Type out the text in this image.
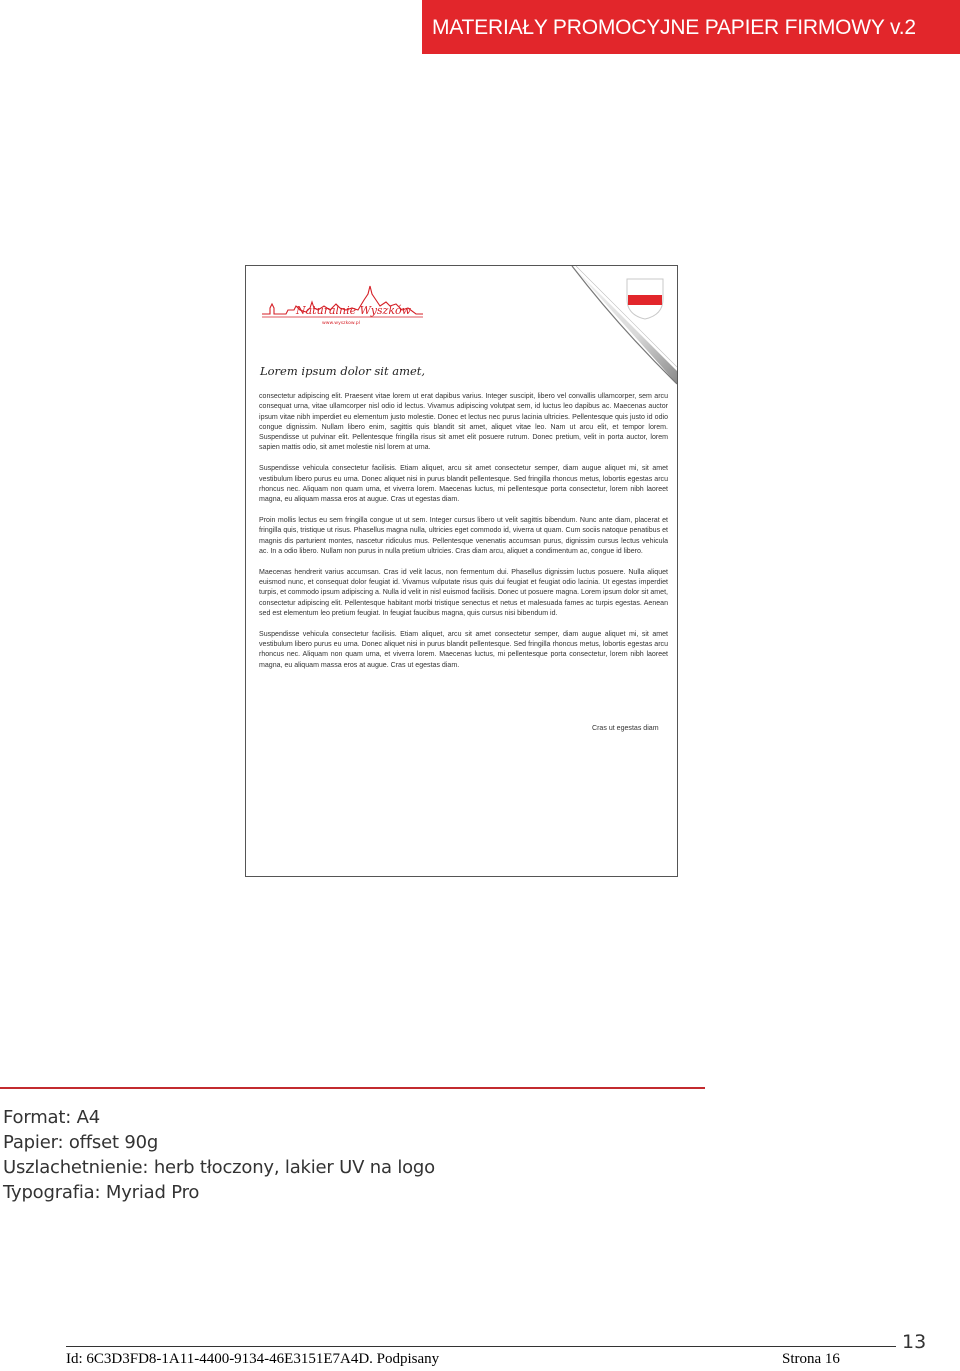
MATERIAŁY PROMOCYJNE PAPIER FIRMOWY v.2
Naturalnie Wyszków
www.wyszkow.pl
Lorem ipsum dolor sit amet,

consectetur adipiscing elit. Praesent vitae lorem ut erat dapibus varius. Integer suscipit, libero vel convallis ullamcorper, sem arcu consequat urna, vitae ullamcorper nisl odio id lectus. Vivamus adipiscing volutpat sem, id luctus leo dapibus ac. Maecenas auctor ipsum vitae nibh imperdiet eu elementum justo molestie. Donec et lectus nec purus lacinia ultricies. Pellentesque quis justo id odio congue dignissim. Nullam libero enim, sagittis quis blandit sit amet, aliquet vitae leo. Nam ut arcu elit, et tempor lorem. Suspendisse ut pulvinar elit. Pellentesque fringilla risus sit amet elit posuere rutrum. Donec pretium, velit in porta auctor, lorem sapien mattis odio, sit amet molestie nisl lorem at urna.

Suspendisse vehicula consectetur facilisis. Etiam aliquet, arcu sit amet consectetur semper, diam augue aliquet mi, sit amet vestibulum libero purus eu urna. Donec aliquet nisi in purus blandit pellentesque. Sed fringilla rhoncus metus, lobortis egestas arcu rhoncus nec. Aliquam non quam urna, et viverra lorem. Maecenas luctus, mi pellentesque porta consectetur, lorem nibh laoreet magna, eu aliquam massa eros at augue. Cras ut egestas diam.

Proin mollis lectus eu sem fringilla congue ut ut sem. Integer cursus libero ut velit sagittis bibendum. Nunc ante diam, placerat et fringilla quis, tristique ut risus. Phasellus magna nulla, ultricies eget commodo id, viverra ut quam. Cum sociis natoque penatibus et magnis dis parturient montes, nascetur ridiculus mus. Pellentesque venenatis accumsan purus, dignissim cursus lectus vehicula ac. In a odio libero. Nullam non purus in nulla pretium ultricies. Cras diam arcu, aliquet a condimentum ac, congue id libero.

Maecenas hendrerit varius accumsan. Cras id velit lacus, non fermentum dui. Phasellus dignissim luctus posuere. Nulla aliquet euismod nunc, et consequat dolor feugiat id. Vivamus vulputate risus quis dui feugiat et feugiat odio lacinia. Ut egestas imperdiet turpis, et commodo ipsum adipiscing a. Nulla id velit in nisl euismod facilisis. Donec ut posuere magna. Lorem ipsum dolor sit amet, consectetur adipiscing elit. Pellentesque habitant morbi tristique senectus et netus et malesuada fames ac turpis egestas. Aenean sed est elementum leo pretium feugiat. In feugiat faucibus magna, quis cursus nisi bibendum id.

Suspendisse vehicula consectetur facilisis. Etiam aliquet, arcu sit amet consectetur semper, diam augue aliquet mi, sit amet vestibulum libero purus eu urna. Donec aliquet nisi in purus blandit pellentesque. Sed fringilla rhoncus metus, lobortis egestas arcu rhoncus nec. Aliquam non quam urna, et viverra lorem. Maecenas luctus, mi pellentesque porta consectetur, lorem nibh laoreet magna, eu aliquam massa eros at augue. Cras ut egestas diam.

Cras ut egestas diam
Format: A4
Papier: offset 90g
Uszlachetnienie: herb tłoczony, lakier UV na logo
Typografia: Myriad Pro
Id: 6C3D3FD8-1A11-4400-9134-46E3151E7A4D. Podpisany	Strona 16
13
